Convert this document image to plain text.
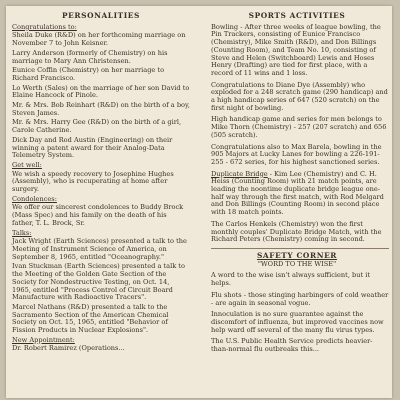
PERSONALITIES
Congratulations to:
Sheila Duke (R&D) on her forthcoming marriage on November 7 to John Keisner.
Larry Anderson (formerly of Chemistry) on his marriage to Mary Ann Christensen.
Eunice Coffin (Chemistry) on her marriage to Richard Francisco.
Lo Werth (Sales) on the marriage of her son David to Elaine Hancock of Pinole.
Mr. & Mrs. Bob Reinhart (R&D) on the birth of a boy, Steven James.
Mr. & Mrs. Harry Gee (R&D) on the birth of a girl, Carole Catherine.
Dick Day and Rod Austin (Engineering) on their winning a patent award for their Analog-Data Telemetry System.
Get well:
We wish a speedy recovery to Josephine Hughes (Assembly), who is recuperating at home after surgery.
Condolences:
We offer our sincerest condolences to Buddy Brock (Mass Spec) and his family on the death of his father, T. L. Brock, Sr.
Talks:
Jack Wright (Earth Sciences) presented a talk to the Meeting of Instrument Science of America, on September 8, 1965, entitled "Oceanography."
Ivan Stuckman (Earth Sciences) presented a talk to the Meeting of the Golden Gate Section of the Society for Nondestructive Testing, on Oct. 14, 1965, entitled "Process Control of Circuit Board Manufacture with Radioactive Tracers".
Marcel Nathans (R&D) presented a talk to the Sacramento Section of the American Chemical Society on Oct. 15, 1965, entitled "Behavior of Fission Products in Nuclear Explosions".
New Appointment:
Dr. Robert Ramirez (Operations...
SPORTS ACTIVITIES
Bowling - After three weeks of league bowling, the Pin Trackers, consisting of Eunice Francisco (Chemistry), Mike Smith (R&D), and Don Billings (Counting Room), and Team No. 10, consisting of Steve and Helen (Switchboard) Lewis and Hoses Henry (Drafting) are tied for first place, with a record of 11 wins and 1 loss.
Congratulations to Diane Dye (Assembly) who exploded for a 248 scratch game (290 handicap) and a high handicap series of 647 (520 scratch) on the first night of bowling.
High handicap game and series for men belongs to Mike Thorn (Chemistry) - 257 (207 scratch) and 656 (505 scratch).
Congratulations also to Max Barela, bowling in the 905 Majors at Lucky Lanes for bowling a 226-191-255 - 672 series, for his highest sanctioned series.
Duplicate Bridge - Kim Lee (Chemistry) and C. H. Heiss (Counting Room) with 21 match points, are leading the noontime duplicate bridge league one-half way through the first match, with Rod Melgard and Don Billings (Counting Room) in second place with 18 match points.
The Carlos Henkels (Chemistry) won the first monthly couples' Duplicate Bridge Match, with the Richard Peters (Chemistry) coming in second.
SAFETY CORNER
"WORD TO THE WISE"
A word to the wise isn't always sufficient, but it helps.
Flu shots - those stinging harbingers of cold weather - are again in seasonal vogue.
Innoculation is no sure guarantee against the discomfort of influenza, but improved vaccines now help ward off several of the many flu virus types.
The U.S. Public Health Service predicts heavier-than-normal flu outbreaks this...
